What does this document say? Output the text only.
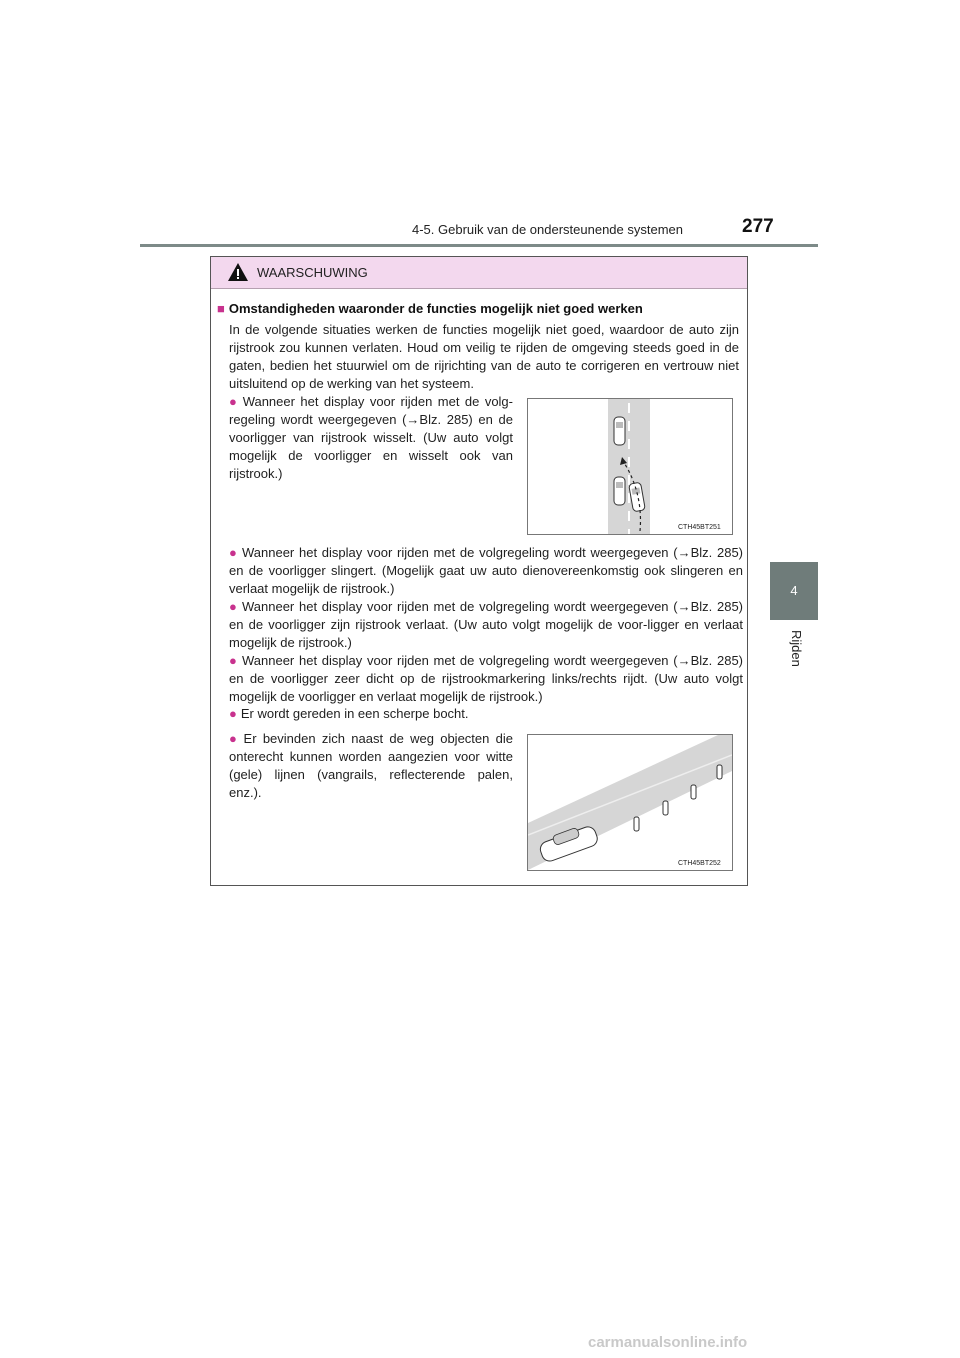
4-5. Gebruik van de ondersteunende systemen	277
4
Rijden
WAARSCHUWING
■ Omstandigheden waaronder de functies mogelijk niet goed werken
In de volgende situaties werken de functies mogelijk niet goed, waardoor de auto zijn rijstrook zou kunnen verlaten. Houd om veilig te rijden de omgeving steeds goed in de gaten, bedien het stuurwiel om de rijrichting van de auto te corrigeren en vertrouw niet uitsluitend op de werking van het systeem.
● Wanneer het display voor rijden met de volg-regeling wordt weergegeven (→Blz. 285) en de voorligger van rijstrook wisselt. (Uw auto volgt mogelijk de voorligger en wisselt ook van rijstrook.)
CTH45BT251
● Wanneer het display voor rijden met de volgregeling wordt weergegeven (→Blz. 285) en de voorligger slingert. (Mogelijk gaat uw auto dienovereenkomstig ook slingeren en verlaat mogelijk de rijstrook.)
● Wanneer het display voor rijden met de volgregeling wordt weergegeven (→Blz. 285) en de voorligger zijn rijstrook verlaat. (Uw auto volgt mogelijk de voor-ligger en verlaat mogelijk de rijstrook.)
● Wanneer het display voor rijden met de volgregeling wordt weergegeven (→Blz. 285) en de voorligger zeer dicht op de rijstrookmarkering links/rechts rijdt. (Uw auto volgt mogelijk de voorligger en verlaat mogelijk de rijstrook.)
● Er wordt gereden in een scherpe bocht.
● Er bevinden zich naast de weg objecten die onterecht kunnen worden aangezien voor witte (gele) lijnen (vangrails, reflecterende palen, enz.).
CTH45BT252
carmanualsonline.info
